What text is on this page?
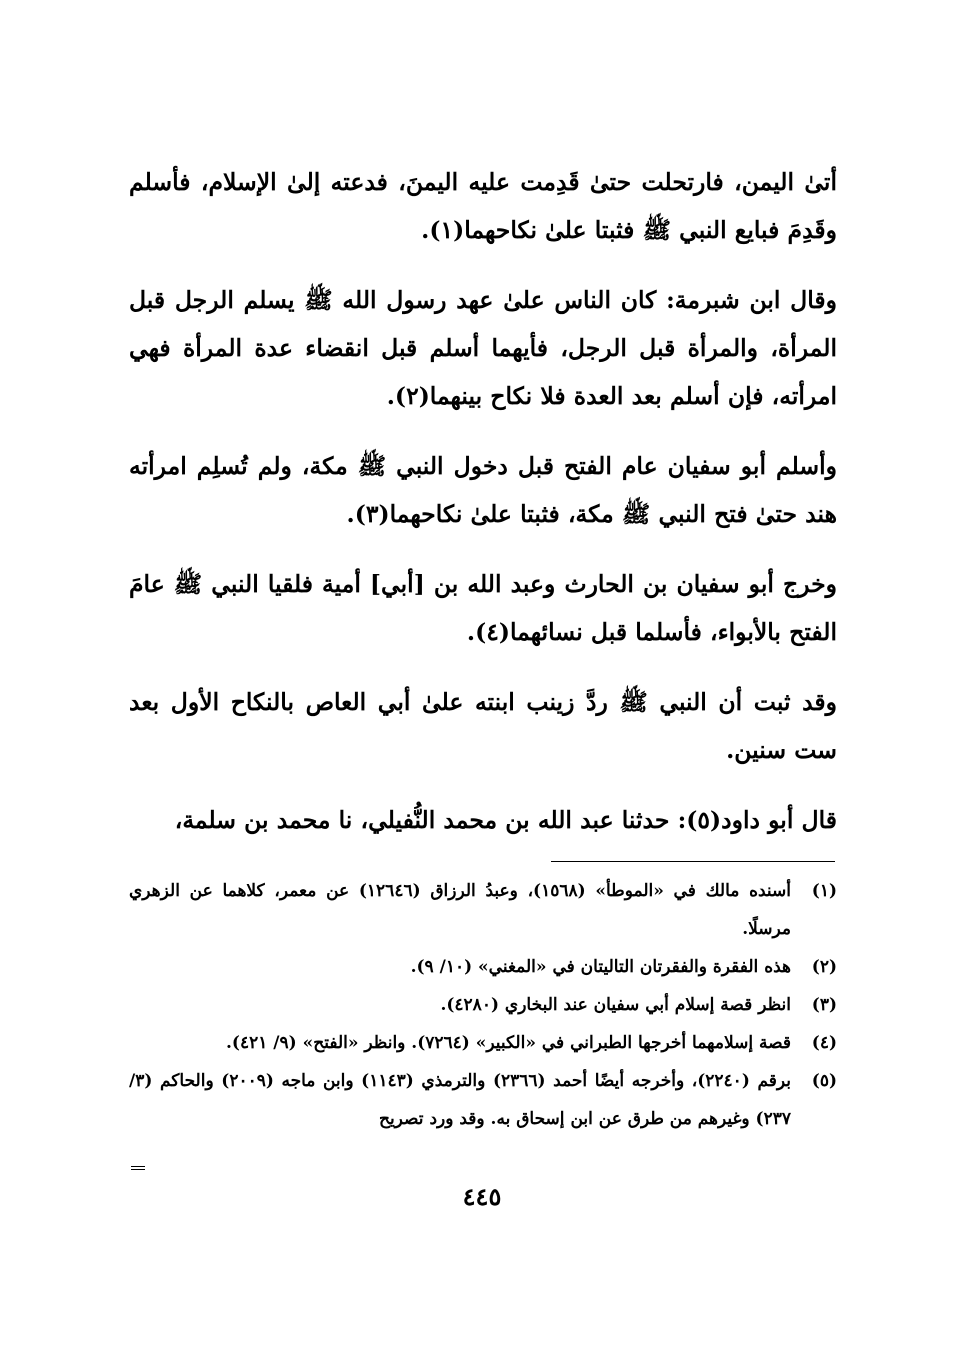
أتىٰ اليمن، فارتحلت حتىٰ قَدِمت عليه اليمنَ، فدعته إلىٰ الإسلام، فأسلم وقَدِمَ فبايع النبي ﷺ فثبتا علىٰ نكاحهما(١).

وقال ابن شبرمة: كان الناس علىٰ عهد رسول الله ﷺ يسلم الرجل قبل المرأة، والمرأة قبل الرجل، فأيهما أسلم قبل انقضاء عدة المرأة فهي امرأته، فإن أسلم بعد العدة فلا نكاح بينهما(٢).

وأسلم أبو سفيان عام الفتح قبل دخول النبي ﷺ مكة، ولم تُسلِم امرأته هند حتىٰ فتح النبي ﷺ مكة، فثبتا علىٰ نكاحهما(٣).

وخرج أبو سفيان بن الحارث وعبد الله بن [أبي] أمية فلقيا النبي ﷺ عامَ الفتح بالأبواء، فأسلما قبل نسائهما(٤).

وقد ثبت أن النبي ﷺ ردَّ زينب ابنته علىٰ أبي العاص بالنكاح الأول بعد ست سنين.

قال أبو داود(٥): حدثنا عبد الله بن محمد النُّفيلي، نا محمد بن سلمة،

(١)
أسنده مالك في «الموطأ» (١٥٦٨)، وعبدُ الرزاق (١٢٦٤٦) عن معمر، كلاهما عن الزهري مرسلًا.
(٢)
هذه الفقرة والفقرتان التاليتان في «المغني» (١٠/ ٩).
(٣)
انظر قصة إسلام أبي سفيان عند البخاري (٤٢٨٠).
(٤)
قصة إسلامهما أخرجها الطبراني في «الكبير» (٧٢٦٤). وانظر «الفتح» (٩/ ٤٢١).
(٥)
برقم (٢٢٤٠)، وأخرجه أيضًا أحمد (٢٣٦٦) والترمذي (١١٤٣) وابن ماجه (٢٠٠٩) والحاكم (٣/ ٢٣٧) وغيرهم من طرق عن ابن إسحاق به. وقد ورد تصريح
٤٤٥
